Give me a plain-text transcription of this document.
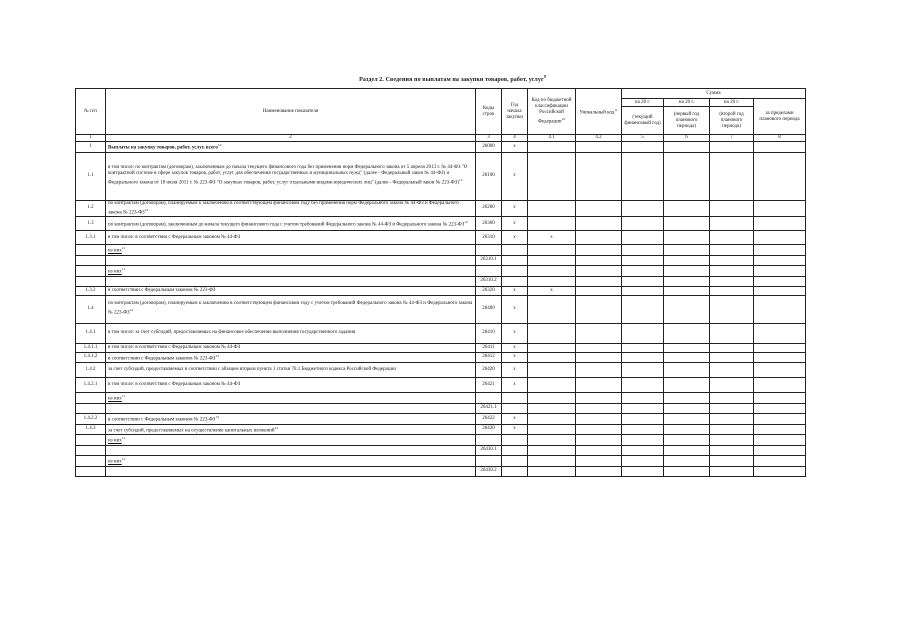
Раздел 2. Сведения по выплатам на закупки товаров, работ, услуг$^9$
№ п/п	Наименование показателя	Коды строк	Год начала закупки	Код по бюджетной классификации Российской Федерации$^{10}$	Уникальный код$^{11}$	Сумма			
						на 20 г.	на 20 г.	на 20 г.	за пределами планового периода
						(текущий финансовый год)	(первый год планового периода)	(второй год планового периода)	
1	2	3	4	4.1	4.2	5	6	7	8
1	Выплаты на закупку товаров, работ, услуг, всего$^{10}$	26000	x						
1.1	в том числе: по контрактам (договорам), заключенным до начала текущего финансового года без применения норм Федерального закона от 5 апреля 2013 г. № 44-ФЗ "О контрактной системе в сфере закупок товаров, работ, услуг для обеспечения государственных и муниципальных нужд" (далее - Федеральный закон № 44-ФЗ) и Федерального закона от 18 июля 2011 г. № 223-ФЗ "О закупках товаров, работ, услуг отдельными видами юридических лиц" (далее - Федеральный закон № 223-ФЗ)$^{12}$	26100	x						
1.2	по контрактам (договорам), планируемым к заключению в соответствующем финансовом году без применения норм Федерального закона № 44-ФЗ и Федерального закона № 223-ФЗ$^{12}$	26200	x						
1.3	по контрактам (договорам), заключенным до начала текущего финансового года с учетом требований Федерального закона № 44-ФЗ и Федерального закона № 223-ФЗ$^{12}$	26300	x						
1.3.1	в том числе: в соответствии с Федеральным законом № 44-ФЗ	26310	x	x					
	из них$^{11}$								
		26310.1							
	из них$^{11}$								
		26310.2							
1.3.2	в соответствии с Федеральным законом № 223-ФЗ	26320	x	x					
1.4	по контрактам (договорам), планируемым к заключению в соответствующем финансовом году с учетом требований Федерального закона № 44-ФЗ и Федерального закона № 223-ФЗ$^{12}$	26400	x						
1.4.1	в том числе: за счет субсидий, предоставляемых на финансовое обеспечение выполнения государственного задания	26410	x						
1.4.1.1	в том числе: в соответствии с Федеральным законом № 44-ФЗ	26411	x						
1.4.1.2	в соответствии с Федеральным законом № 223-ФЗ$^{13}$	26412	x						
1.4.2	за счет субсидий, предоставляемых в соответствии с абзацем вторым пункта 1 статьи 78.1 Бюджетного кодекса Российской Федерации	26420	x						
1.4.2.1	в том числе: в соответствии с Федеральным законом № 44-ФЗ	26421	x						
	из них$^{11}$								
		26421.1							
1.4.2.2	в соответствии с Федеральным законом № 223-ФЗ$^{13}$	26422	x						
1.4.3	за счет субсидий, предоставляемых на осуществление капитальных вложений$^{14}$	26430	x						
	из них$^{11}$								
		26430.1							
	из них$^{11}$								
		26430.2							
